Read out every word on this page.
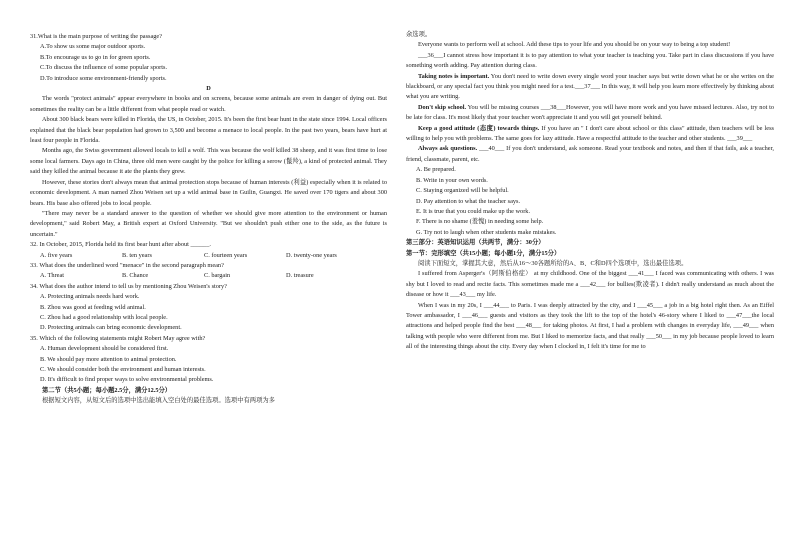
31.What is the main purpose of writing the passage?
A.To show us some major outdoor sports.
B.To encourage us to go in for green sports.
C.To discuss the influence of some popular sports.
D.To introduce some environment-friendly sports.
D
The words "protect animals" appear everywhere in books and on screens, because some animals are even in danger of dying out. But sometimes the reality can be a little different from what people read or watch.
About 300 black bears were killed in Florida, the US, in October, 2015. It's been the first bear hunt in the state since 1994. Local officers explained that the black bear population had grown to 3,500 and become a menace to local people. In the past two years, bears have hurt at least four people in Florida.
Months ago, the Swiss government allowed locals to kill a wolf. This was because the wolf killed 38 sheep, and it was first time to lose some local farmers. Days ago in China, three old men were caught by the police for killing a serow (鬣羚), a kind of protected animal. They said they killed the animal because it ate the plants they grew.
However, these stories don't always mean that animal protection stops because of human interests (利益) especially when it is related to economic development. A man named Zhou Weisen set up a wild animal base in Guilin, Guangxi. He saved over 170 tigers and about 300 bears. His base also offered jobs to local people.
"There may never be a standard answer to the question of whether we should give more attention to the environment or human development," said Robert May, a British expert at Oxford University. "But we shouldn't push either one to the side, as the future is uncertain."
32. In October, 2015, Florida held its first bear hunt after about ______.
A. five years	B. ten years	C. fourteen years	D. twenty-one years
33. What does the underlined word "menace" in the second paragraph mean?
A. Threat	B. Chance	C. bargain	D. treasure
34. What does the author intend to tell us by mentioning Zhou Weisen's story?
A. Protecting animals needs hard work.
B. Zhou was good at feeding wild animal.
C. Zhou had a good relationship with local people.
D. Protecting animals can bring economic development.
35. Which of the following statements might Robert May agree with?
A. Human development should be considered first.
B. We should pay more attention to animal protection.
C. We should consider both the environment and human interests.
D. It's difficult to find proper ways to solve environmental problems.
第二节（共5小题；每小题2.5分，满分12.5分）
根据短文内容，从短文后的选项中选出能填入空白处的最佳选项。选项中有两项为多
余选项。
Everyone wants to perform well at school. Add these tips to your life and you should be on your way to being a top student!
___36___I cannot stress how important it is to pay attention to what your teacher is teaching you. Take part in class discussions if you have something worth adding. Pay attention during class.
Taking notes is important. You don't need to write down every single word your teacher says but write down what he or she writes on the blackboard, or any special fact you think you might need for a test.___37___ In this way, it will help you learn more effectively by thinking about what you are writing.
Don't skip school. You will be missing courses ___38___However, you will have more work and you have missed lectures. Also, try not to be late for class. It's most likely that your teacher won't appreciate it and you will get yourself behind.
Keep a good attitude (态度) towards things. If you have an " I don't care about school or this class" attitude, then teachers will be less willing to help you with problems. The same goes for lazy attitude. Have a respectful attitude to the teacher and other students. ___39___
Always ask questions. ___40___ If you don't understand, ask someone. Read your textbook and notes, and then if that fails, ask a teacher, friend, classmate, parent, etc.
A. Be prepared.
B. Write in your own words.
C. Staying organized will be helpful.
D. Pay attention to what the teacher says.
E. It is true that you could make up the work.
F. There is no shame (羞愧) in needing some help.
G. Try not to laugh when other students make mistakes.
第三部分：英语知识运用（共两节，满分：30分）
第一节：完形填空（共15小题；每小题1分，满分15分）
阅读下面短文，掌握其大意，然后从16～30各题所给的A、B、C和D四个选项中，选出最佳选项。
I suffered from Asperger's（阿斯伯格症） at my childhood. One of the biggest ___41___ I faced was communicating with others. I was shy but I loved to read and recite facts. This sometimes made me a ___42___ for bullies(欺凌者). I didn't really understand as much about the disease or how it ___43___ my life.
When I was in my 20s, I ___44___ to Paris. I was deeply attracted by the city, and I ___45___ a job in a big hotel right then. As an Eiffel Tower ambassador, I ___46___ guests and visitors as they took the lift to the top of the hotel's 46-story where I liked to ___47___the local attractions and helped people find the best ___48___ for taking photos. At first, I had a problem with changes in everyday life, ___49___ when talking with people who were different from me. But I liked to memorize facts, and that really ___50___ in my job because people loved to learn all of the interesting things about the city. Every day when I clocked in, I felt it's time for me to
